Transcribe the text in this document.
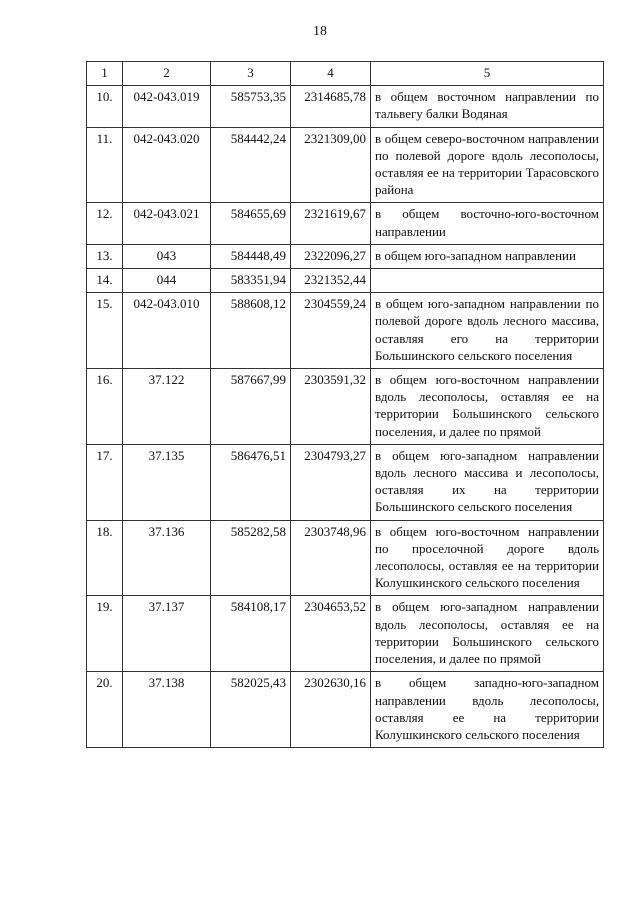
18
1	2	3	4	5
10.	042-043.019	585753,35	2314685,78	в общем восточном направлении по тальвегу балки Водяная
11.	042-043.020	584442,24	2321309,00	в общем северо-восточном направлении по полевой дороге вдоль лесополосы, оставляя ее на территории Тарасовского района
12.	042-043.021	584655,69	2321619,67	в общем восточно-юго-восточном направлении
13.	043	584448,49	2322096,27	в общем юго-западном направлении
14.	044	583351,94	2321352,44	
15.	042-043.010	588608,12	2304559,24	в общем юго-западном направлении по полевой дороге вдоль лесного массива, оставляя его на территории Большинского сельского поселения
16.	37.122	587667,99	2303591,32	в общем юго-восточном направлении вдоль лесополосы, оставляя ее на территории Большинского сельского поселения, и далее по прямой
17.	37.135	586476,51	2304793,27	в общем юго-западном направлении вдоль лесного массива и лесополосы, оставляя их на территории Большинского сельского поселения
18.	37.136	585282,58	2303748,96	в общем юго-восточном направлении по проселочной дороге вдоль лесополосы, оставляя ее на территории Колушкинского сельского поселения
19.	37.137	584108,17	2304653,52	в общем юго-западном направлении вдоль лесополосы, оставляя ее на территории Большинского сельского поселения, и далее по прямой
20.	37.138	582025,43	2302630,16	в общем западно-юго-западном направлении вдоль лесополосы, оставляя ее на территории Колушкинского сельского поселения
